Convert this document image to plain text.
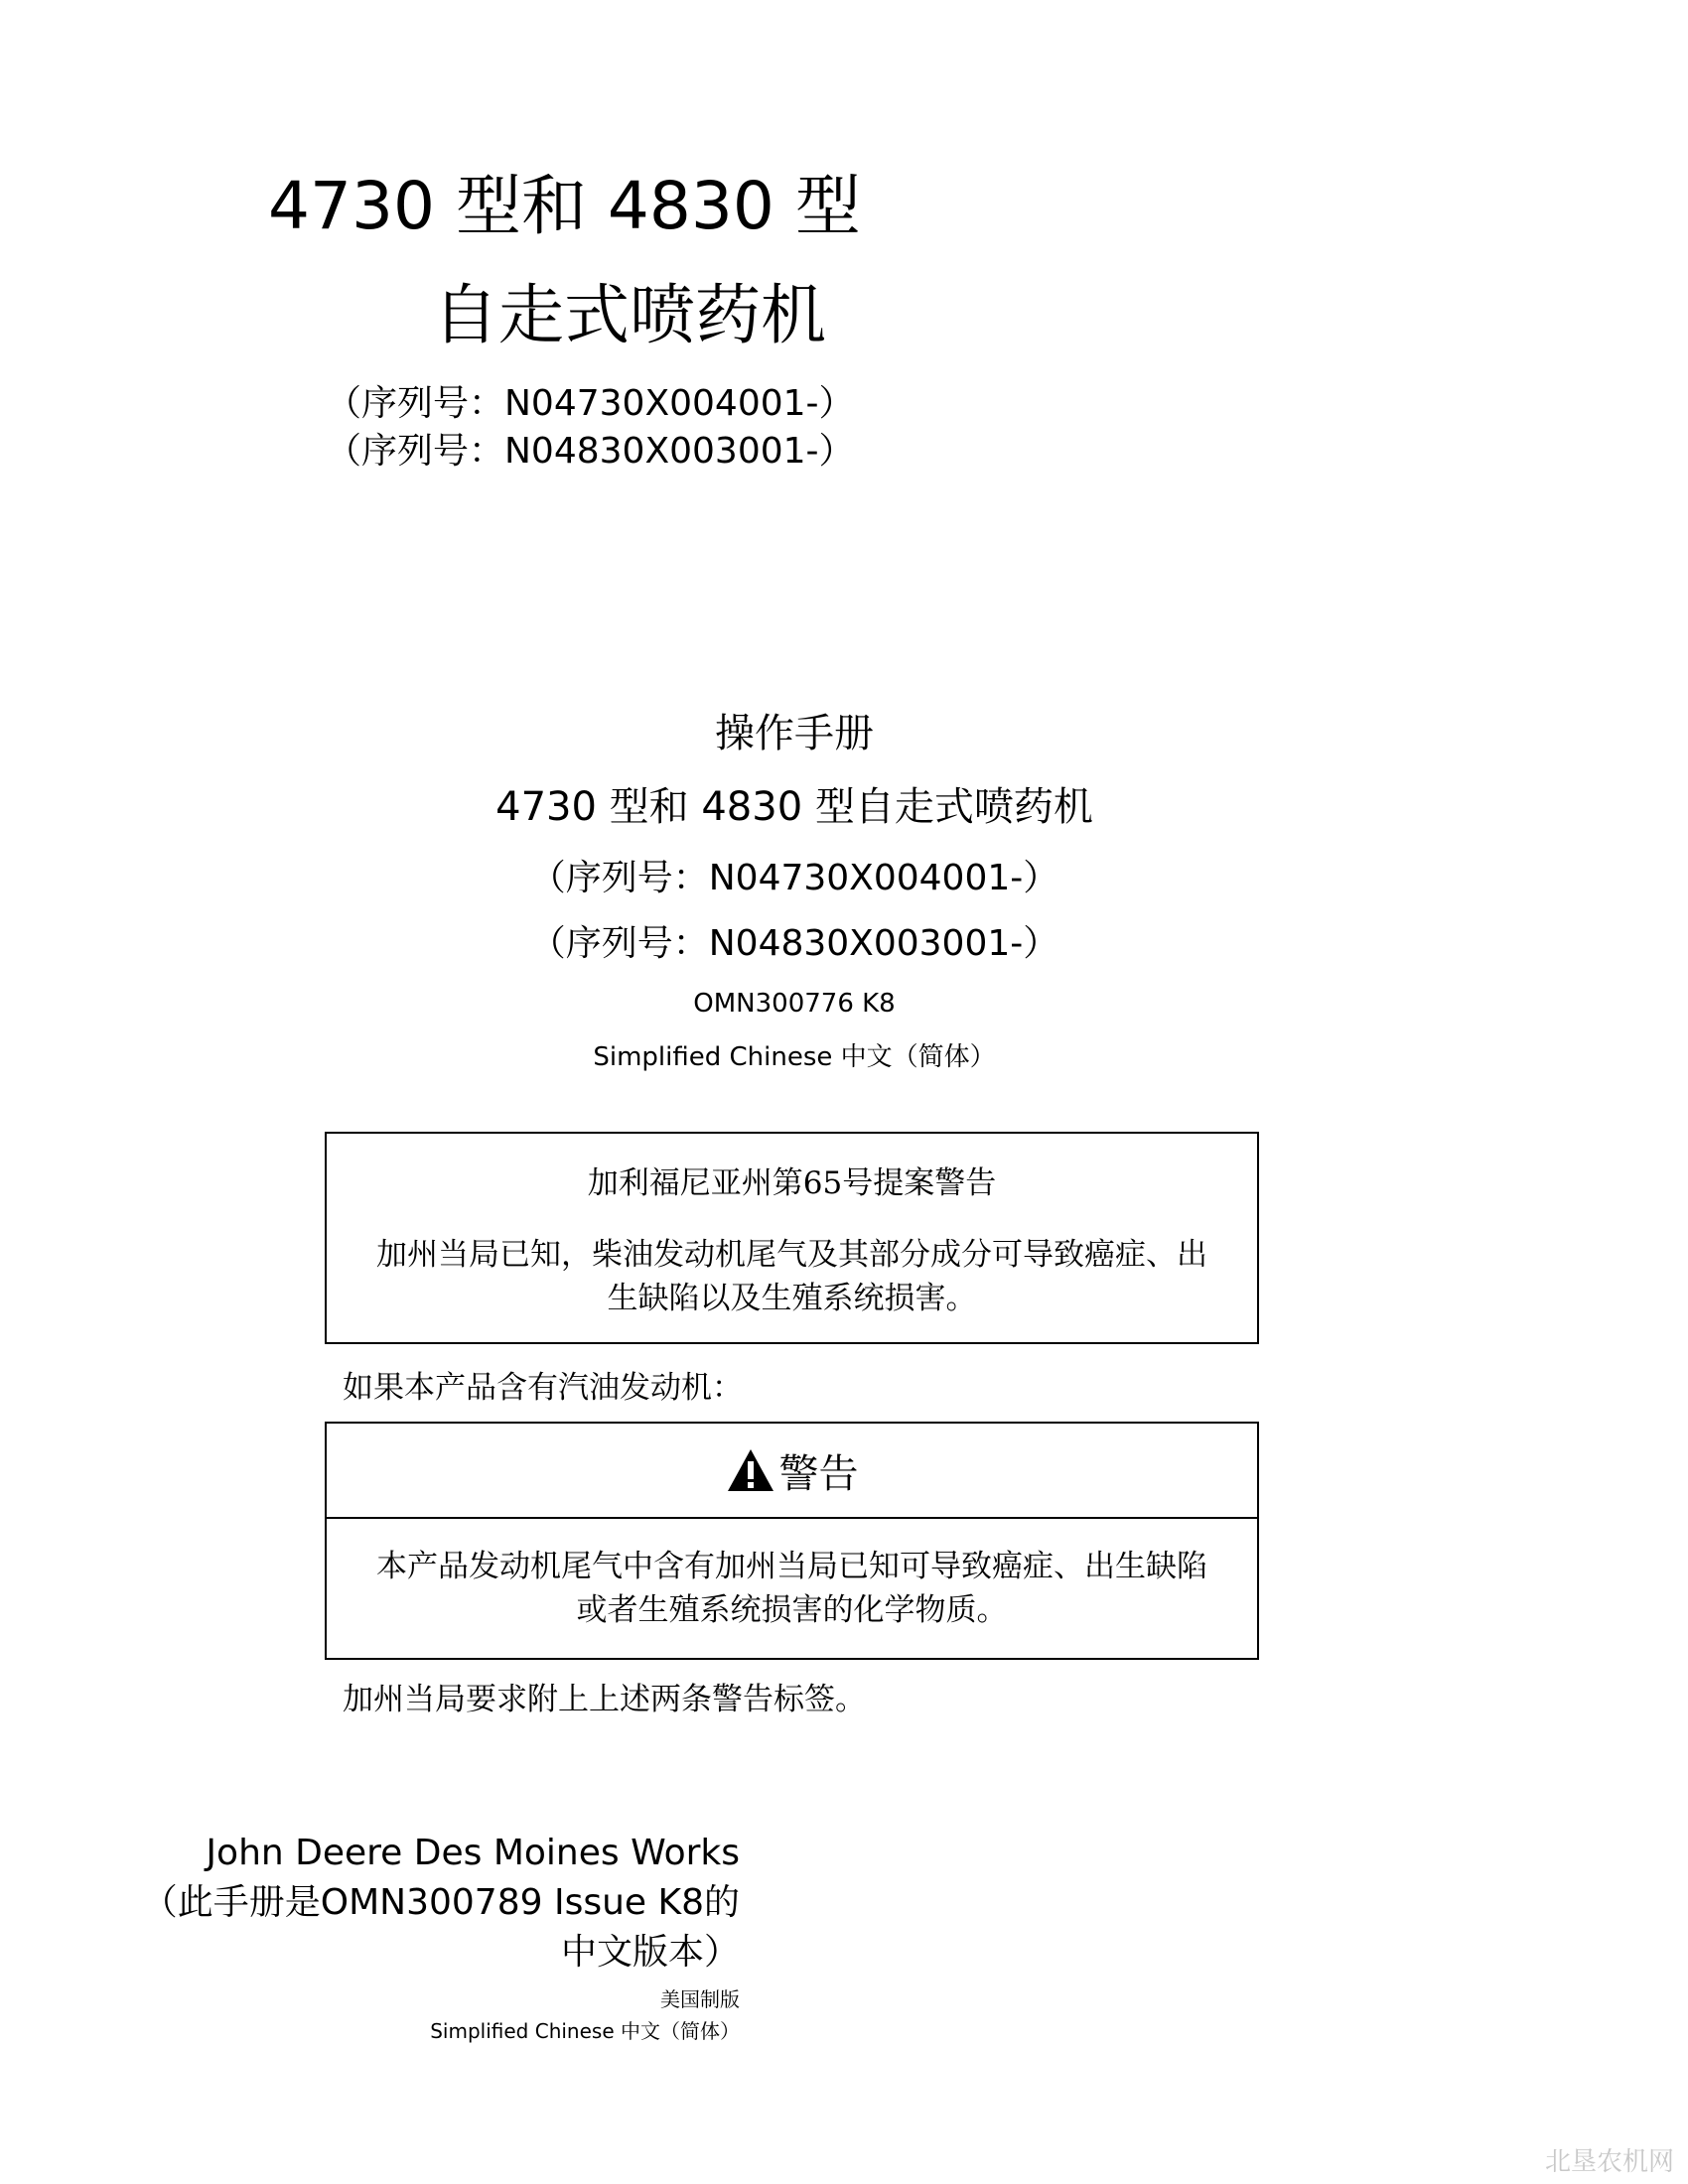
4730 型和 4830 型
自走式喷药机
（序列号：N04730X004001-）
（序列号：N04830X003001-）
操作手册
4730 型和 4830 型自走式喷药机
（序列号：N04730X004001-）
（序列号：N04830X003001-）
OMN300776 K8
Simplified Chinese 中文（简体）
加利福尼亚州第65号提案警告
加州当局已知，柴油发动机尾气及其部分成分可导致癌症、出
生缺陷以及生殖系统损害。
如果本产品含有汽油发动机：
警告
本产品发动机尾气中含有加州当局已知可导致癌症、出生缺陷
或者生殖系统损害的化学物质。
加州当局要求附上上述两条警告标签。
John Deere Des Moines Works
（此手册是OMN300789 Issue K8的
中文版本）
美国制版
Simplified Chinese 中文（简体）
北垦农机网
